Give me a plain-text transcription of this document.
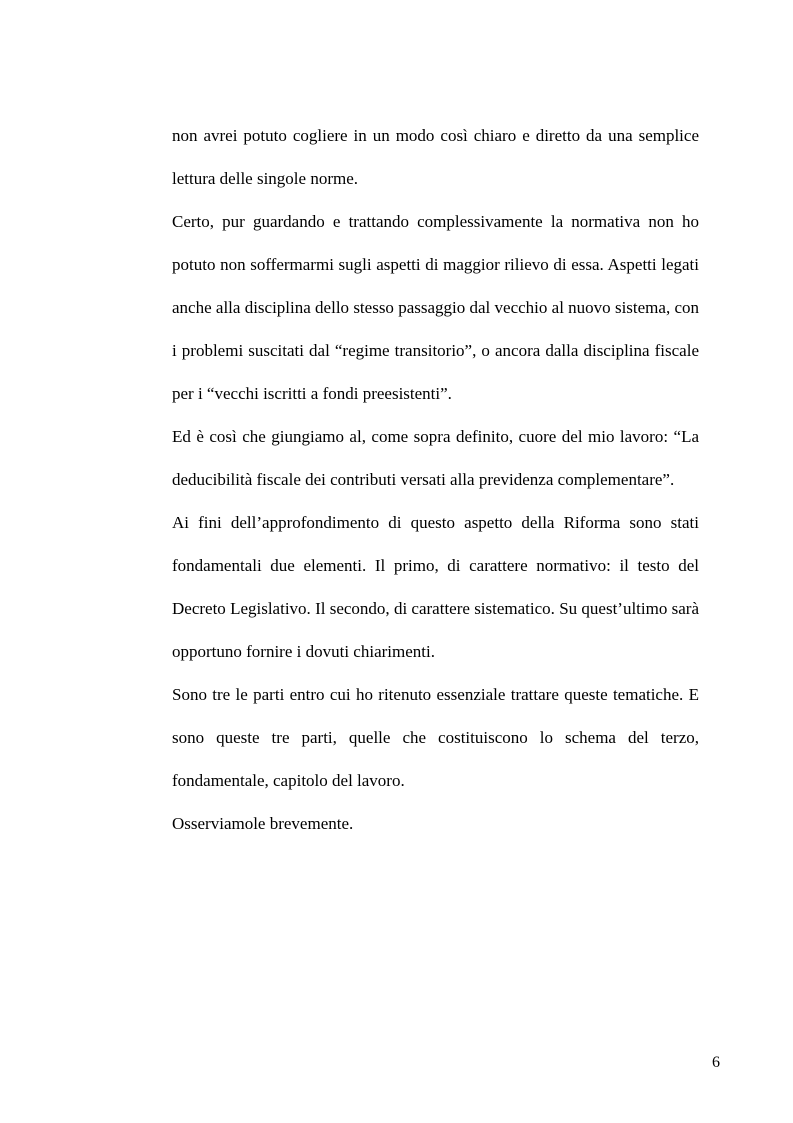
non avrei potuto cogliere in un modo così chiaro e diretto da una semplice lettura delle singole norme.

Certo, pur guardando e trattando complessivamente la normativa non ho potuto non soffermarmi sugli aspetti di maggior rilievo di essa. Aspetti legati anche alla disciplina dello stesso passaggio dal vecchio al nuovo sistema, con i problemi suscitati dal “regime transitorio”, o ancora dalla disciplina fiscale per i “vecchi iscritti a fondi preesistenti”.

Ed è così che giungiamo al, come sopra definito, cuore del mio lavoro: “La deducibilità fiscale dei contributi versati alla previdenza complementare”.

Ai fini dell’approfondimento di questo aspetto della Riforma sono stati fondamentali due elementi. Il primo, di carattere normativo: il testo del Decreto Legislativo. Il secondo, di carattere sistematico. Su quest’ultimo sarà opportuno fornire i dovuti chiarimenti.

Sono tre le parti entro cui ho ritenuto essenziale trattare queste tematiche. E sono queste tre parti, quelle che costituiscono lo schema del terzo, fondamentale, capitolo del lavoro.

Osserviamole brevemente.

6
